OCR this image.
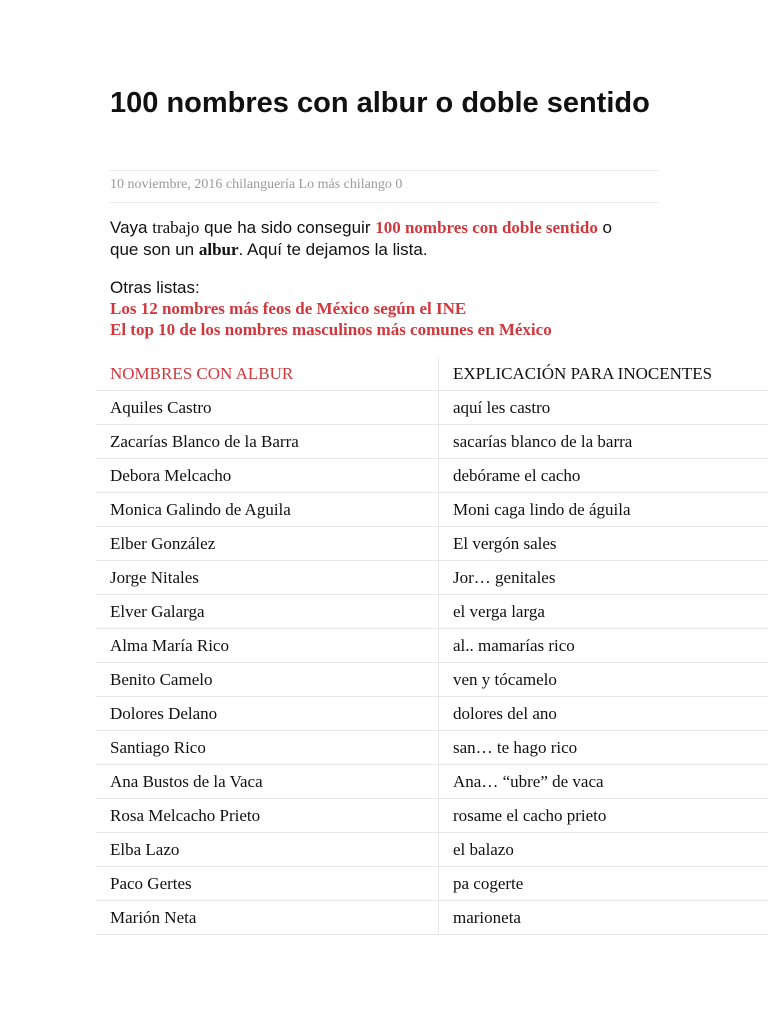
100 nombres con albur o doble sentido
10 noviembre, 2016 chilanguería Lo más chilango 0

Vaya trabajo que ha sido conseguir 100 nombres con doble sentido o que son un albur. Aquí te dejamos la lista.

Otras listas:
Los 12 nombres más feos de México según el INE
El top 10 de los nombres masculinos más comunes en México
NOMBRES CON ALBUR	EXPLICACIÓN PARA INOCENTES
Aquiles Castro	aquí les castro
Zacarías Blanco de la Barra	sacarías blanco de la barra
Debora Melcacho	debórame el cacho
Monica Galindo de Aguila	Moni caga lindo de águila
Elber González	El vergón sales
Jorge Nitales	Jor… genitales
Elver Galarga	el verga larga
Alma María Rico	al.. mamarías rico
Benito Camelo	ven y tócamelo
Dolores Delano	dolores del ano
Santiago Rico	san… te hago rico
Ana Bustos de la Vaca	Ana… “ubre” de vaca
Rosa Melcacho Prieto	rosame el cacho prieto
Elba Lazo	el balazo
Paco Gertes	pa cogerte
Marión Neta	marioneta
